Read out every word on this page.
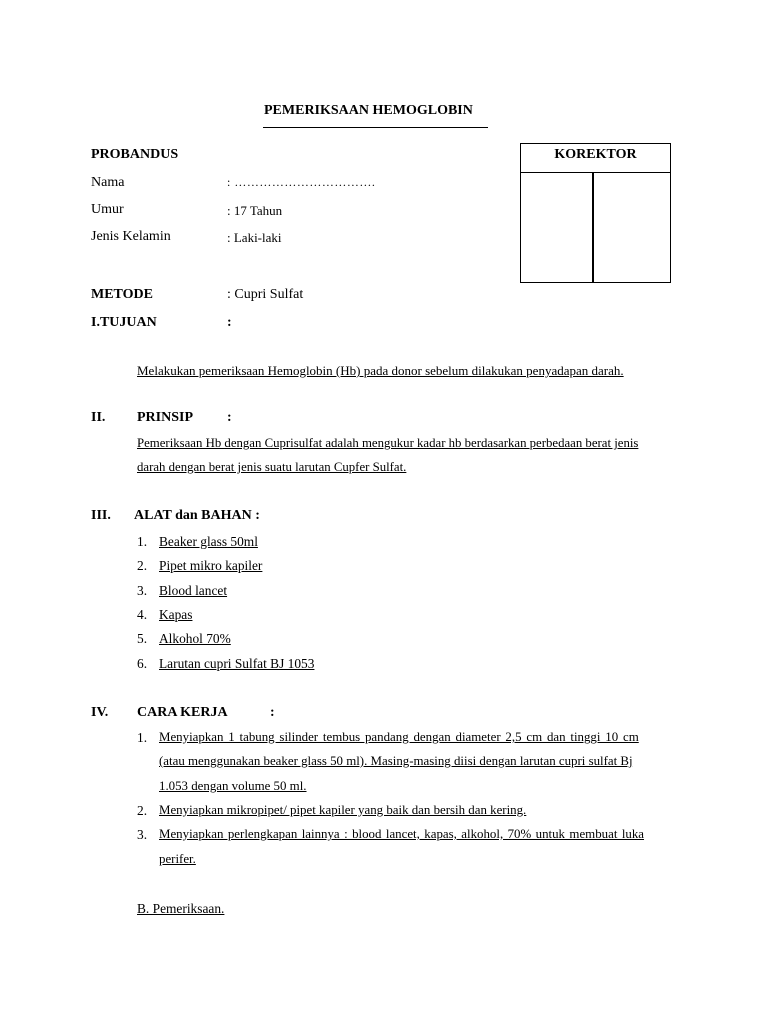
PEMERIKSAAN HEMOGLOBIN
PROBANDUS
Nama	: …………………………….
Umur	: 17 Tahun
Jenis Kelamin	: Laki-laki
KOREKTOR
METODE	: Cupri Sulfat
I.TUJUAN	:
Melakukan pemeriksaan Hemoglobin (Hb) pada donor sebelum dilakukan penyadapan darah.
II. PRINSIP :
Pemeriksaan Hb dengan Cuprisulfat adalah mengukur kadar hb berdasarkan perbedaan berat jenis
darah dengan berat jenis suatu larutan Cupfer Sulfat.
III. ALAT dan BAHAN :
1. Beaker glass 50ml
2. Pipet mikro kapiler
3. Blood lancet
4. Kapas
5. Alkohol 70%
6. Larutan cupri Sulfat BJ 1053
IV. CARA KERJA	:
1. Menyiapkan 1 tabung silinder tembus pandang dengan diameter 2,5 cm dan tinggi 10 cm
(atau menggunakan beaker glass 50 ml). Masing-masing diisi dengan larutan cupri sulfat Bj
1.053 dengan volume 50 ml.
2. Menyiapkan mikropipet/ pipet kapiler yang baik dan bersih dan kering.
3. Menyiapkan perlengkapan lainnya : blood lancet, kapas, alkohol, 70% untuk membuat luka
perifer.
B. Pemeriksaan.
